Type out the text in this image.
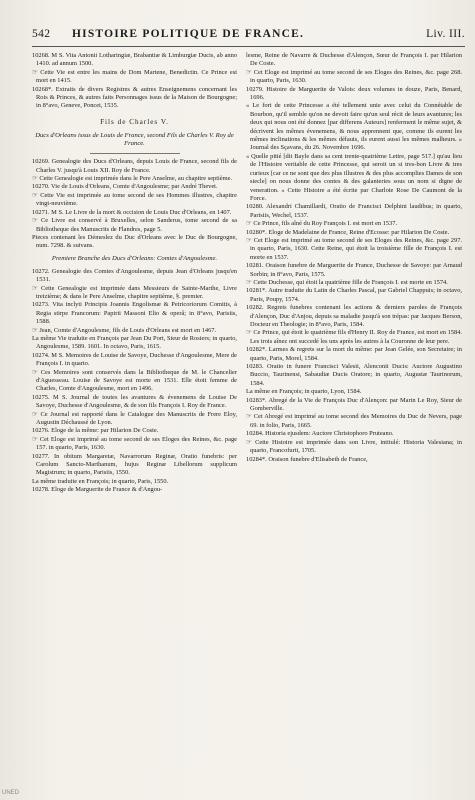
542 HISTOIRE POLITIQUE DE FRANCE.	Liv. III.

10268. M S. Vita Antonii Lotharingiæ, Brabantiæ & Limburgiæ Ducis, ab anno 1410. ad annum 1500.

☞ Cette Vie est entre les mains de Dom Martene, Benedictin. Ce Prince est mort en 1415.

10268*. Extraits de divers Registres & autres Enseignemens concernant les Rois & Princes, & autres faits Personnages issus de la Maison de Bourgogne; in 8°avo, Geneve, Poncet, 1535.

Fils de Charles V.
Ducs d'Orleans issus de Louis de France, second Fils de Charles V. Roy de France.

10269. Genealogie des Ducs d'Orleans, depuis Louis de France, second fils de Charles V. jusqu'à Louis XII. Roy de France.

☞ Cette Genealogie est imprimée dans le Pere Anselme, au chapitre septième.

10270. Vie de Louis d'Orleans, Comte d'Angoulesme; par André Thevet.

☞ Cette Vie est imprimée au tome second de ses Hommes illustres, chapitre vingt-neuvième.

10271. M S. Le Livre de la mort & occision de Louis Duc d'Orleans, en 1407.

☞ Ce Livre est conservé à Bruxelles, selon Sanderus, tome second de sa Bibliotheque des Manuscrits de Flandres, page 5.

Pieces contenant les Démeslez du Duc d'Orleans avec le Duc de Bourgogne, num. 7298. & suivans.

Premiere Branche des Ducs d'Orleans: Comtes d'Angoulesme.

10272. Genealogie des Comtes d'Angoulesme, depuis Jean d'Orleans jusqu'en 1531.

☞ Cette Genealogie est imprimée dans Messieurs de Sainte-Marthe, Livre treizième; & dans le Pere Anselme, chapitre septième, §. premier.

10273. Vita inclyti Principis Joannis Engolismæ & Petricoriorum Comitis, à Regia stirpe Francorum: Papirii Massoni Elio & operâ; in 8°avo, Parisiis, 1588.

☞ Jean, Comte d'Angoulesme, fils de Louis d'Orleans est mort en 1467.

La même Vie traduite en François par Jean Du Port, Sieur de Rosiers; in quarto, Angoulesme, 1589. 1601. In octavo, Paris, 1615.

10274. M S. Memoires de Louise de Savoye, Duchesse d'Angoulesme, Mere de François I. in quarto.

☞ Ces Memoires sont conservés dans la Bibliotheque de M. le Chancelier d'Aguesseau. Louise de Savoye est morte en 1531. Elle étoit femme de Charles, Comte d'Angoulesme, mort en 1496.

10275. M S. Journal de toutes les avantures & évenemens de Louise De Savoye, Duchesse d'Angoulesme, & de son fils François I. Roy de France.

☞ Ce Journal est rapporté dans le Catalogue des Manuscrits de Frere Eloy, Augustin Déchaussé de Lyon.

10276. Eloge de la même: par Hilarion De Coste.

☞ Cet Eloge est imprimé au tome second de ses Eloges des Reines, &c. page 157. in quarto, Paris, 1630.

10277. In obitum Margaretæ, Navarrorum Reginæ, Oratio funebris: per Carolum Sancto-Marthanum, hujus Reginæ Libellorum supplicum Magistrum; in quarto, Parisiis, 1550.

La même traduite en François; in quarto, Paris, 1550.

10278. Eloge de Marguerite de France & d'Angou-

lesme, Reine de Navarre & Duchesse d'Alençon, Sœur de François I. par Hilarion De Coste.

☞ Cet Eloge est imprimé au tome second de ses Eloges des Reines, &c. page 268. in quarto, Paris, 1630.

10279. Histoire de Marguerite de Valois: deux volumes in douze, Paris, Benard, 1696.

« Le fort de cette Princesse a été tellement unie avec celui du Connétable de Bourbon, qu'il semble qu'on ne devoit faire qu'un seul récit de leurs avantures; les deux qui nous ont été donnez [par differens Auteurs] renferment le même sujet, & décrivent les mêmes évenemens, & nous apprennent que, comme ils eurent les mêmes inclinations & les mêmes défauts, ils eurent aussi les mêmes malheurs. » Journal des Sçavans, du 26. Novembre 1696.

« Quelle pitié [dit Bayle dans sa cent trente-quatrième Lettre, page 517.] qu'au lieu de l'Histoire veritable de cette Princesse, qui seroit un si tres-bon Livre & tres curieux [car ce ne sont que des plus illustres & des plus accomplies Dames de son siecle] on nous donne des contes & des galanteries sous un nom si digne de veneration. » Cette Histoire a été écrite par Charlote Rose De Caumont de la Force.

10280. Alexandri Chamillardi, Oratio de Francisci Delphini laudibus; in quarto, Parisiis, Wechel, 1537.

☞ Ce Prince, fils aîné du Roy François I. est mort en 1537.

10280*. Eloge de Madelaine de France, Reine d'Ecosse: par Hilarion De Coste.

☞ Cet Eloge est imprimé au tome second de ses Eloges des Reines, &c. page 297. in quarto, Paris, 1630. Cette Reine, qui étoit la troisième fille de François I. est morte en 1537.

10281. Oraison funebre de Marguerite de France, Duchesse de Savoye: par Arnaud Sorbin; in 8°avo, Paris, 1575.

☞ Cette Duchesse, qui étoit la quatrième fille de François I. est morte en 1574.

10281*. Autre traduite du Latin de Charles Pascal, par Gabriel Chappuis; in octavo, Paris, Poupy, 1574.

10282. Regrets funebres contenant les actions & derniers paroles de François d'Alençon, Duc d'Anjou, depuis sa maladie jusqu'à son trépas: par Jacques Berson, Docteur en Theologie; in 8°avo, Paris, 1584.

☞ Ce Prince, qui étoit le quatrième fils d'Henry II. Roy de France, est mort en 1584. Les trois aînez ont succedé les uns après les autres à la Couronne de leur pere.

10282*. Larmes & regrets sur la mort du même: par Jean Gelée, son Secretaire; in quarto, Paris, Morel, 1584.

10283. Oratio in funere Francisci Valesii, Alenconii Ducis: Auctore Augustino Buccio, Taurinensi, Sabaudiæ Ducis Oratore; in quarto, Augustæ Taurinorum, 1584.

La même en François; in quarto, Lyon, 1584.

10283*. Abregé de la Vie de François Duc d'Alençon: par Marin Le Roy, Sieur de Gomberville.

☞ Cet Abregé est imprimé au tome second des Memoires du Duc de Nevers, page 69. in folio, Paris, 1665.

10284. Historia ejusdem: Auctore Christophoro Pruteano.

☞ Cette Histoire est imprimée dans son Livre, intitulé: Historia Valesiana; in quarto, Francofurti, 1705.

10284*. Oraison funebre d'Elisabeth de France,

UNED
